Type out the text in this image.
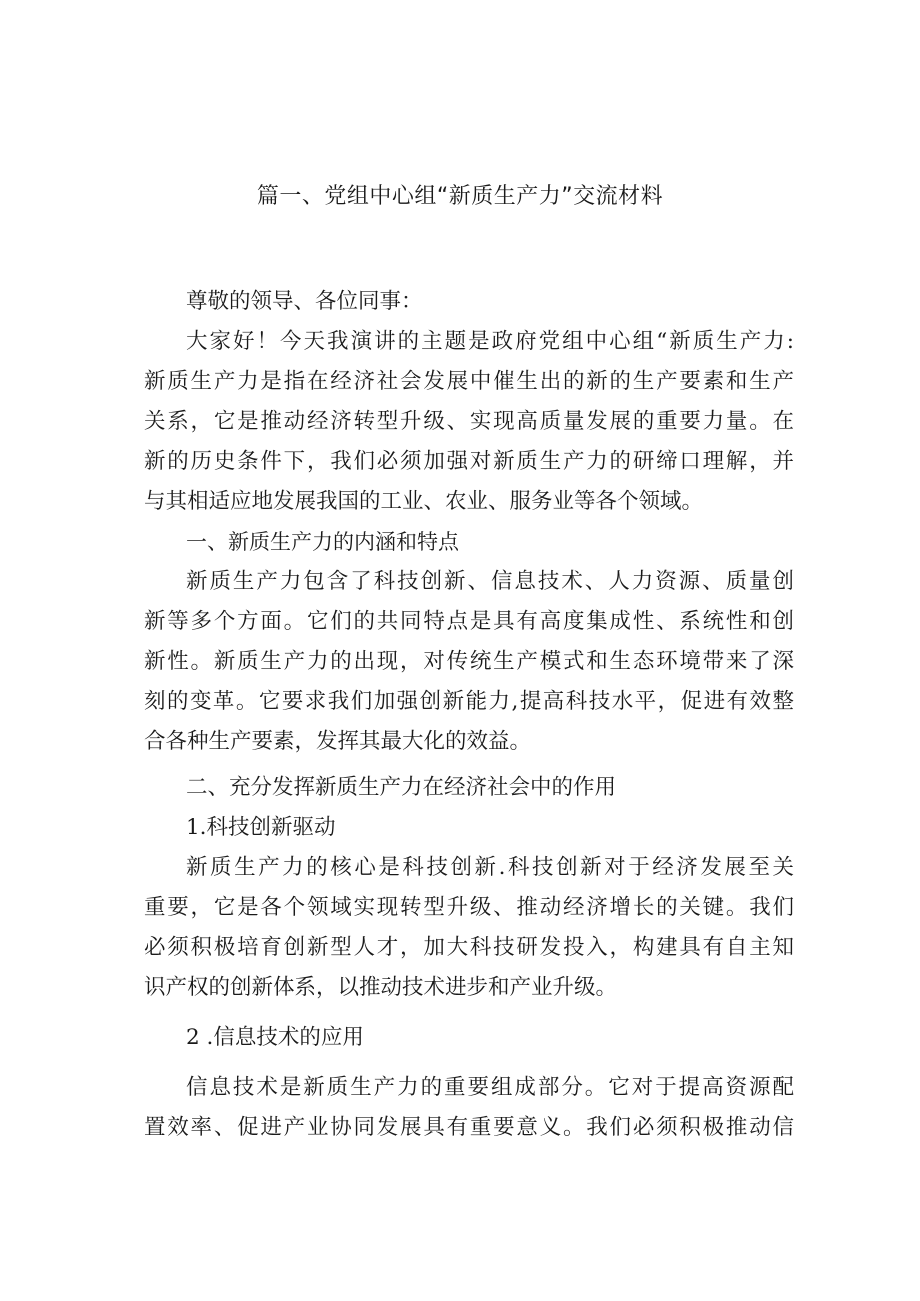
篇一、党组中心组“新质生产力”交流材料
尊敬的领导、各位同事：
大家好！今天我演讲的主题是政府党组中心组“新质生产力:
新质生产力是指在经济社会发展中催生出的新的生产要素和生产
关系，它是推动经济转型升级、实现高质量发展的重要力量。在
新的历史条件下，我们必须加强对新质生产力的研缔口理解，并
与其相适应地发展我国的工业、农业、服务业等各个领域。
一、新质生产力的内涵和特点
新质生产力包含了科技创新、信息技术、人力资源、质量创
新等多个方面。它们的共同特点是具有高度集成性、系统性和创
新性。新质生产力的出现，对传统生产模式和生态环境带来了深
刻的变革。它要求我们加强创新能力,提高科技水平，促进有效整
合各种生产要素，发挥其最大化的效益。
二、充分发挥新质生产力在经济社会中的作用
1.科技创新驱动
新质生产力的核心是科技创新.科技创新对于经济发展至关
重要，它是各个领域实现转型升级、推动经济增长的关键。我们
必须积极培育创新型人才，加大科技研发投入，构建具有自主知
识产权的创新体系，以推动技术进步和产业升级。
2 .信息技术的应用
信息技术是新质生产力的重要组成部分。它对于提高资源配
置效率、促进产业协同发展具有重要意义。我们必须积极推动信
